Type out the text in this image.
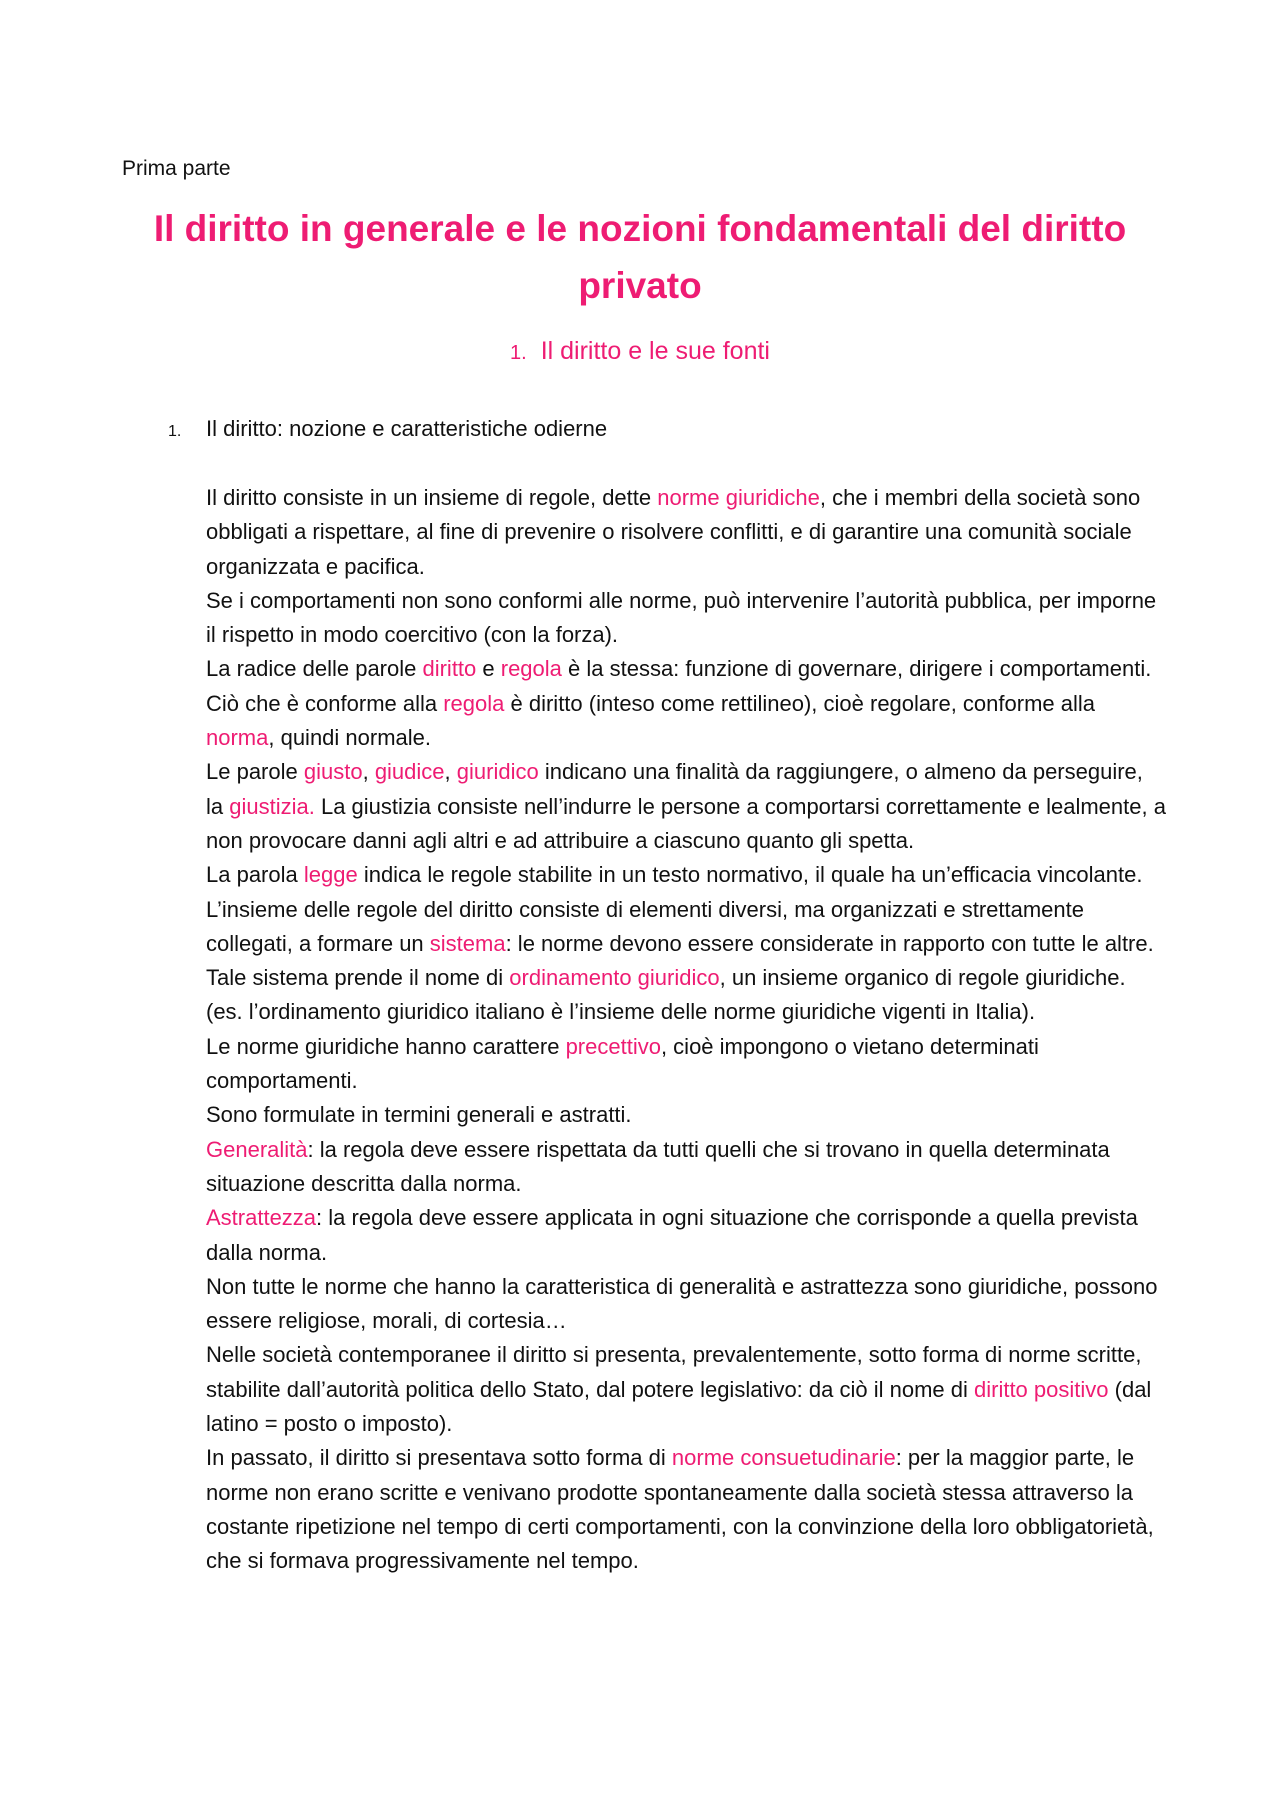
Prima parte
Il diritto in generale e le nozioni fondamentali del diritto privato
1. Il diritto e le sue fonti
1. Il diritto: nozione e caratteristiche odierne

Il diritto consiste in un insieme di regole, dette norme giuridiche, che i membri della società sono obbligati a rispettare, al fine di prevenire o risolvere conflitti, e di garantire una comunità sociale organizzata e pacifica.

Se i comportamenti non sono conformi alle norme, può intervenire l’autorità pubblica, per imporne il rispetto in modo coercitivo (con la forza).

La radice delle parole diritto e regola è la stessa: funzione di governare, dirigere i comportamenti. Ciò che è conforme alla regola è diritto (inteso come rettilineo), cioè regolare, conforme alla norma, quindi normale.

Le parole giusto, giudice, giuridico indicano una finalità da raggiungere, o almeno da perseguire, la giustizia. La giustizia consiste nell’indurre le persone a comportarsi correttamente e lealmente, a non provocare danni agli altri e ad attribuire a ciascuno quanto gli spetta.

La parola legge indica le regole stabilite in un testo normativo, il quale ha un’efficacia vincolante.

L’insieme delle regole del diritto consiste di elementi diversi, ma organizzati e strettamente collegati, a formare un sistema: le norme devono essere considerate in rapporto con tutte le altre. Tale sistema prende il nome di ordinamento giuridico, un insieme organico di regole giuridiche. (es. l’ordinamento giuridico italiano è l’insieme delle norme giuridiche vigenti in Italia).

Le norme giuridiche hanno carattere precettivo, cioè impongono o vietano determinati comportamenti.

Sono formulate in termini generali e astratti.

Generalità: la regola deve essere rispettata da tutti quelli che si trovano in quella determinata situazione descritta dalla norma.

Astrattezza: la regola deve essere applicata in ogni situazione che corrisponde a quella prevista dalla norma.

Non tutte le norme che hanno la caratteristica di generalità e astrattezza sono giuridiche, possono essere religiose, morali, di cortesia…

Nelle società contemporanee il diritto si presenta, prevalentemente, sotto forma di norme scritte, stabilite dall’autorità politica dello Stato, dal potere legislativo: da ciò il nome di diritto positivo (dal latino = posto o imposto).

In passato, il diritto si presentava sotto forma di norme consuetudinarie: per la maggior parte, le norme non erano scritte e venivano prodotte spontaneamente dalla società stessa attraverso la costante ripetizione nel tempo di certi comportamenti, con la convinzione della loro obbligatorietà, che si formava progressivamente nel tempo.
